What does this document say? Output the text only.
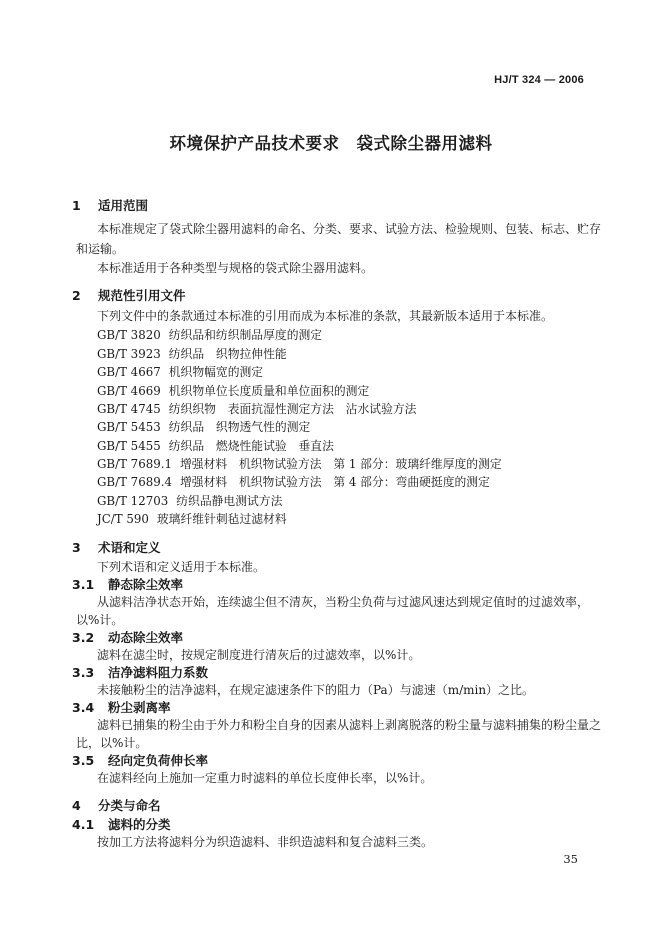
HJ/T 324 — 2006
环境保护产品技术要求　袋式除尘器用滤料
1 适用范围
本标准规定了袋式除尘器用滤料的命名、分类、要求、试验方法、检验规则、包装、标志、贮存
和运输。
本标准适用于各种类型与规格的袋式除尘器用滤料。
2 规范性引用文件
下列文件中的条款通过本标准的引用而成为本标准的条款，其最新版本适用于本标准。
GB/T 3820 纺织品和纺织制品厚度的测定
GB/T 3923 纺织品　织物拉伸性能
GB/T 4667 机织物幅宽的测定
GB/T 4669 机织物单位长度质量和单位面积的测定
GB/T 4745 纺织织物　表面抗湿性测定方法　沾水试验方法
GB/T 5453 纺织品　织物透气性的测定
GB/T 5455 纺织品　燃烧性能试验　垂直法
GB/T 7689.1 增强材料　机织物试验方法　第 1 部分：玻璃纤维厚度的测定
GB/T 7689.4 增强材料　机织物试验方法　第 4 部分：弯曲硬挺度的测定
GB/T 12703 纺织品静电测试方法
JC/T 590 玻璃纤维针刺毡过滤材料
3 术语和定义
下列术语和定义适用于本标准。
3.1 静态除尘效率
从滤料洁净状态开始，连续滤尘但不清灰，当粉尘负荷与过滤风速达到规定值时的过滤效率，
以%计。
3.2 动态除尘效率
滤料在滤尘时，按规定制度进行清灰后的过滤效率，以%计。
3.3 洁净滤料阻力系数
未接触粉尘的洁净滤料，在规定滤速条件下的阻力（Pa）与滤速（m/min）之比。
3.4 粉尘剥离率
滤料已捕集的粉尘由于外力和粉尘自身的因素从滤料上剥离脱落的粉尘量与滤料捕集的粉尘量之
比，以%计。
3.5 经向定负荷伸长率
在滤料经向上施加一定重力时滤料的单位长度伸长率，以%计。
4 分类与命名
4.1 滤料的分类
按加工方法将滤料分为织造滤料、非织造滤料和复合滤料三类。
35
